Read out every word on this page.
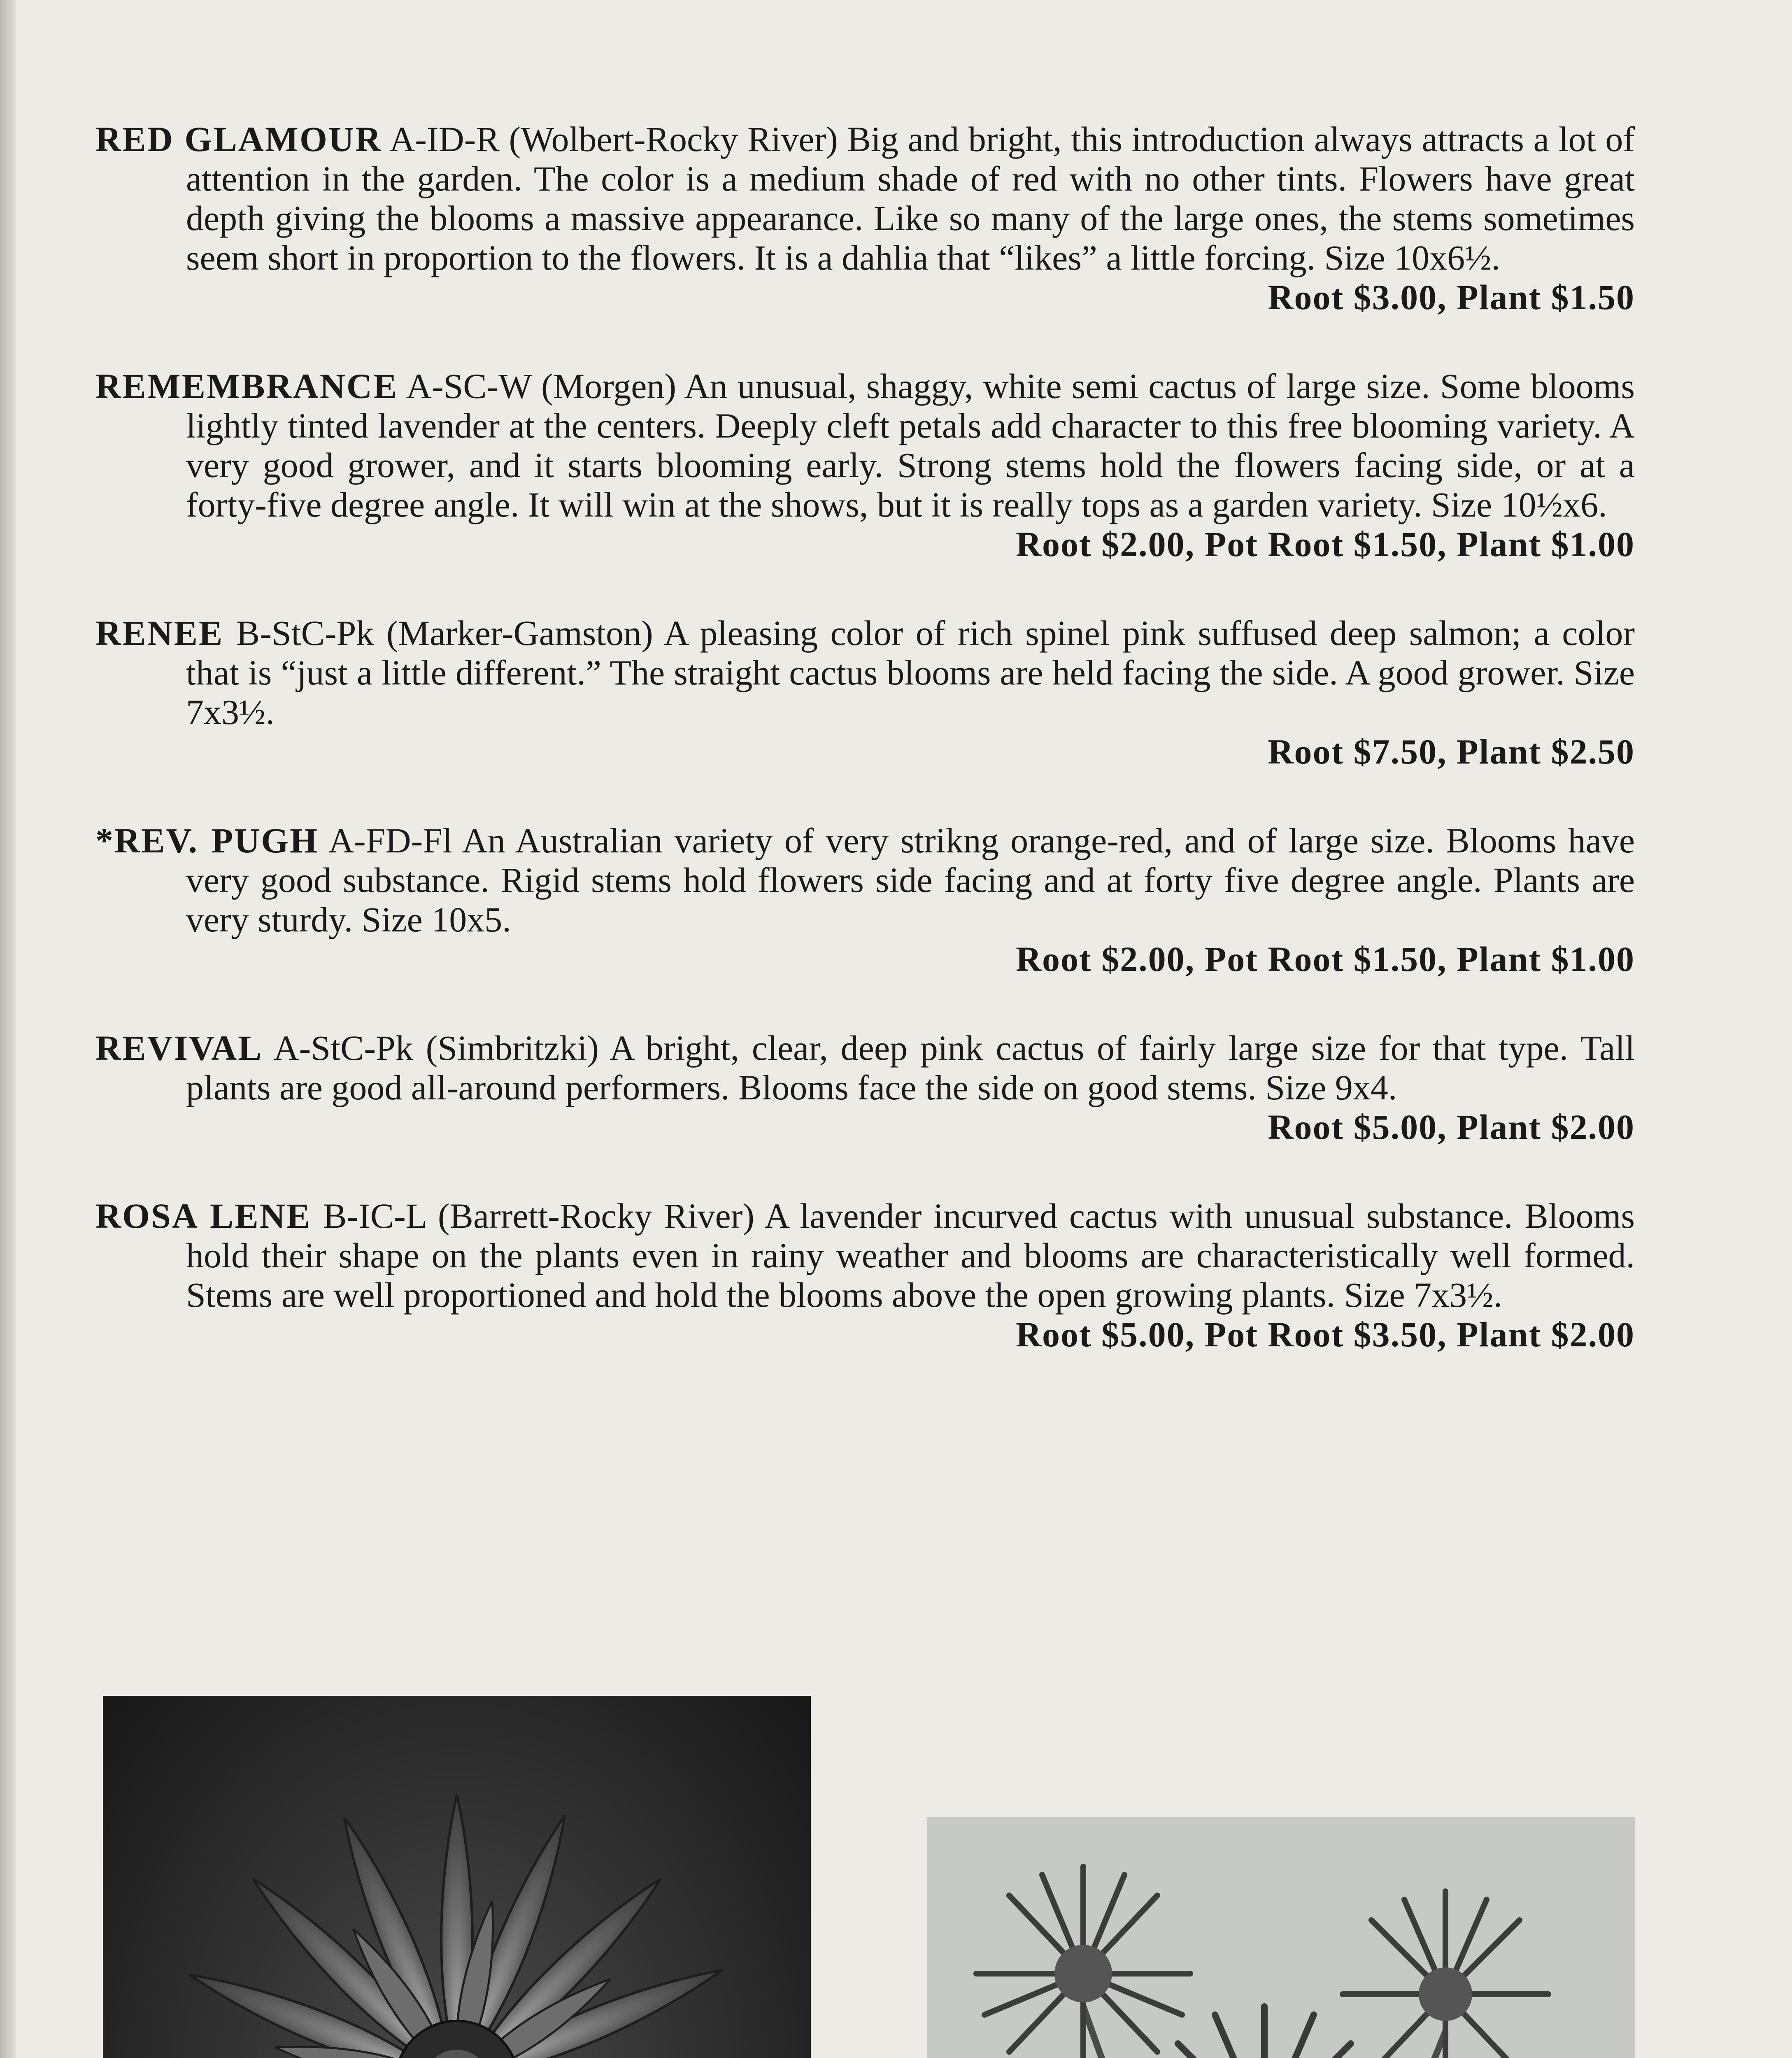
RED GLAMOUR A-ID-R (Wolbert-Rocky River) Big and bright, this introduction always attracts a lot of attention in the garden. The color is a medium shade of red with no other tints. Flowers have great depth giving the blooms a massive appearance. Like so many of the large ones, the stems sometimes seem short in proportion to the flowers. It is a dahlia that “likes” a little forcing. Size 10x6½.

Root $3.00, Plant $1.50

REMEMBRANCE A-SC-W (Morgen) An unusual, shaggy, white semi cactus of large size. Some blooms lightly tinted lavender at the centers. Deeply cleft petals add character to this free blooming variety. A very good grower, and it starts blooming early. Strong stems hold the flowers facing side, or at a forty-five degree angle. It will win at the shows, but it is really tops as a garden variety. Size 10½x6.

Root $2.00, Pot Root $1.50, Plant $1.00

RENEE B-StC-Pk (Marker-Gamston) A pleasing color of rich spinel pink suffused deep salmon; a color that is “just a little different.” The straight cactus blooms are held facing the side. A good grower. Size 7x3½.

Root $7.50, Plant $2.50

*REV. PUGH A-FD-Fl An Australian variety of very strikng orange-red, and of large size. Blooms have very good substance. Rigid stems hold flowers side facing and at forty five degree angle. Plants are very sturdy. Size 10x5.

Root $2.00, Pot Root $1.50, Plant $1.00

REVIVAL A-StC-Pk (Simbritzki) A bright, clear, deep pink cactus of fairly large size for that type. Tall plants are good all-around performers. Blooms face the side on good stems. Size 9x4.

Root $5.00, Plant $2.00

ROSA LENE B-IC-L (Barrett-Rocky River) A lavender incurved cactus with unusual substance. Blooms hold their shape on the plants even in rainy weather and blooms are characteristically well formed. Stems are well proportioned and hold the blooms above the open growing plants. Size 7x3½.

Root $5.00, Pot Root $3.50, Plant $2.00
